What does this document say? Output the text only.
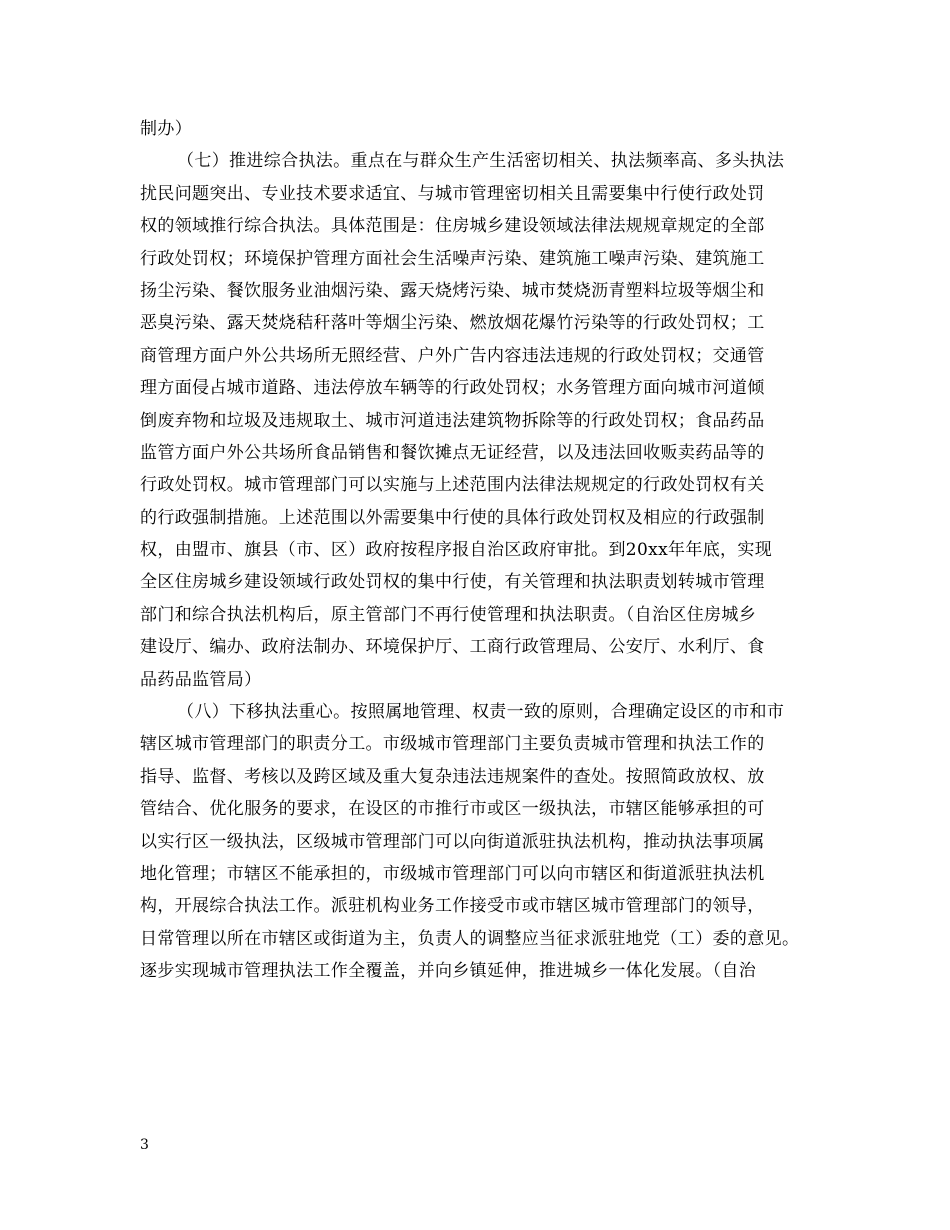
制办）
（七）推进综合执法。重点在与群众生产生活密切相关、执法频率高、多头执法
扰民问题突出、专业技术要求适宜、与城市管理密切相关且需要集中行使行政处罚
权的领域推行综合执法。具体范围是：住房城乡建设领域法律法规规章规定的全部
行政处罚权；环境保护管理方面社会生活噪声污染、建筑施工噪声污染、建筑施工
扬尘污染、餐饮服务业油烟污染、露天烧烤污染、城市焚烧沥青塑料垃圾等烟尘和
恶臭污染、露天焚烧秸秆落叶等烟尘污染、燃放烟花爆竹污染等的行政处罚权；工
商管理方面户外公共场所无照经营、户外广告内容违法违规的行政处罚权；交通管
理方面侵占城市道路、违法停放车辆等的行政处罚权；水务管理方面向城市河道倾
倒废弃物和垃圾及违规取土、城市河道违法建筑物拆除等的行政处罚权；食品药品
监管方面户外公共场所食品销售和餐饮摊点无证经营，以及违法回收贩卖药品等的
行政处罚权。城市管理部门可以实施与上述范围内法律法规规定的行政处罚权有关
的行政强制措施。上述范围以外需要集中行使的具体行政处罚权及相应的行政强制
权，由盟市、旗县（市、区）政府按程序报自治区政府审批。到20xx年年底，实现
全区住房城乡建设领域行政处罚权的集中行使，有关管理和执法职责划转城市管理
部门和综合执法机构后，原主管部门不再行使管理和执法职责。（自治区住房城乡
建设厅、编办、政府法制办、环境保护厅、工商行政管理局、公安厅、水利厅、食
品药品监管局）
（八）下移执法重心。按照属地管理、权责一致的原则，合理确定设区的市和市
辖区城市管理部门的职责分工。市级城市管理部门主要负责城市管理和执法工作的
指导、监督、考核以及跨区域及重大复杂违法违规案件的查处。按照简政放权、放
管结合、优化服务的要求，在设区的市推行市或区一级执法，市辖区能够承担的可
以实行区一级执法，区级城市管理部门可以向街道派驻执法机构，推动执法事项属
地化管理；市辖区不能承担的，市级城市管理部门可以向市辖区和街道派驻执法机
构，开展综合执法工作。派驻机构业务工作接受市或市辖区城市管理部门的领导，
日常管理以所在市辖区或街道为主，负责人的调整应当征求派驻地党（工）委的意见。
逐步实现城市管理执法工作全覆盖，并向乡镇延伸，推进城乡一体化发展。（自治
3
